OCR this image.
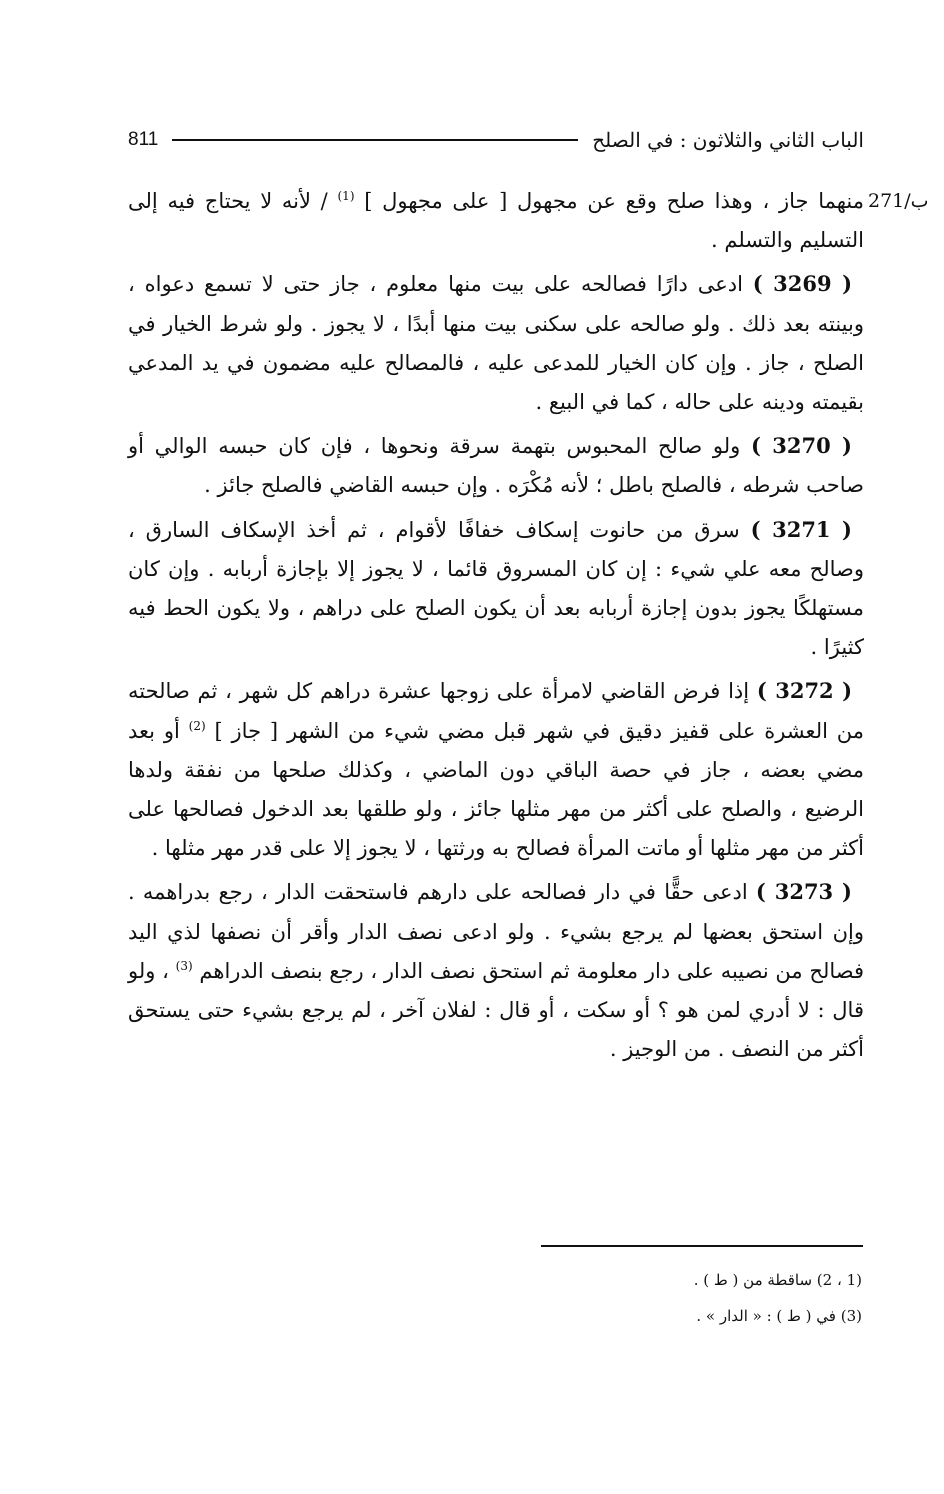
الباب الثاني والثلاثون : في الصلح
811
271/ب

منهما جاز ، وهذا صلح وقع عن مجهول [ على مجهول ] $^{(1)}$ / لأنه لا يحتاج فيه إلى التسليم والتسلم .

( 3269 ) ادعى دارًا فصالحه على بيت منها معلوم ، جاز حتى لا تسمع دعواه ، وبينته بعد ذلك . ولو صالحه على سكنى بيت منها أبدًا ، لا يجوز . ولو شرط الخيار في الصلح ، جاز . وإن كان الخيار للمدعى عليه ، فالمصالح عليه مضمون في يد المدعي بقيمته ودينه على حاله ، كما في البيع .

( 3270 ) ولو صالح المحبوس بتهمة سرقة ونحوها ، فإن كان حبسه الوالي أو صاحب شرطه ، فالصلح باطل ؛ لأنه مُكْرَه . وإن حبسه القاضي فالصلح جائز .

( 3271 ) سرق من حانوت إسكاف خفافًا لأقوام ، ثم أخذ الإسكاف السارق ، وصالح معه علي شيء : إن كان المسروق قائما ، لا يجوز إلا بإجازة أربابه . وإن كان مستهلكًا يجوز بدون إجازة أربابه بعد أن يكون الصلح على دراهم ، ولا يكون الحط فيه كثيرًا .

( 3272 ) إذا فرض القاضي لامرأة على زوجها عشرة دراهم كل شهر ، ثم صالحته من العشرة على قفيز دقيق في شهر قبل مضي شيء من الشهر [ جاز ] $^{(2)}$ أو بعد مضي بعضه ، جاز في حصة الباقي دون الماضي ، وكذلك صلحها من نفقة ولدها الرضيع ، والصلح على أكثر من مهر مثلها جائز ، ولو طلقها بعد الدخول فصالحها على أكثر من مهر مثلها أو ماتت المرأة فصالح به ورثتها ، لا يجوز إلا على قدر مهر مثلها .

( 3273 ) ادعى حقًّا في دار فصالحه على دارهم فاستحقت الدار ، رجع بدراهمه . وإن استحق بعضها لم يرجع بشيء . ولو ادعى نصف الدار وأقر أن نصفها لذي اليد فصالح من نصيبه على دار معلومة ثم استحق نصف الدار ، رجع بنصف الدراهم $^{(3)}$ ، ولو قال : لا أدري لمن هو ؟ أو سكت ، أو قال : لفلان آخر ، لم يرجع بشيء حتى يستحق أكثر من النصف . من الوجيز .

(1 ، 2) ساقطة من ( ط ) .

(3) في ( ط ) : « الدار » .
